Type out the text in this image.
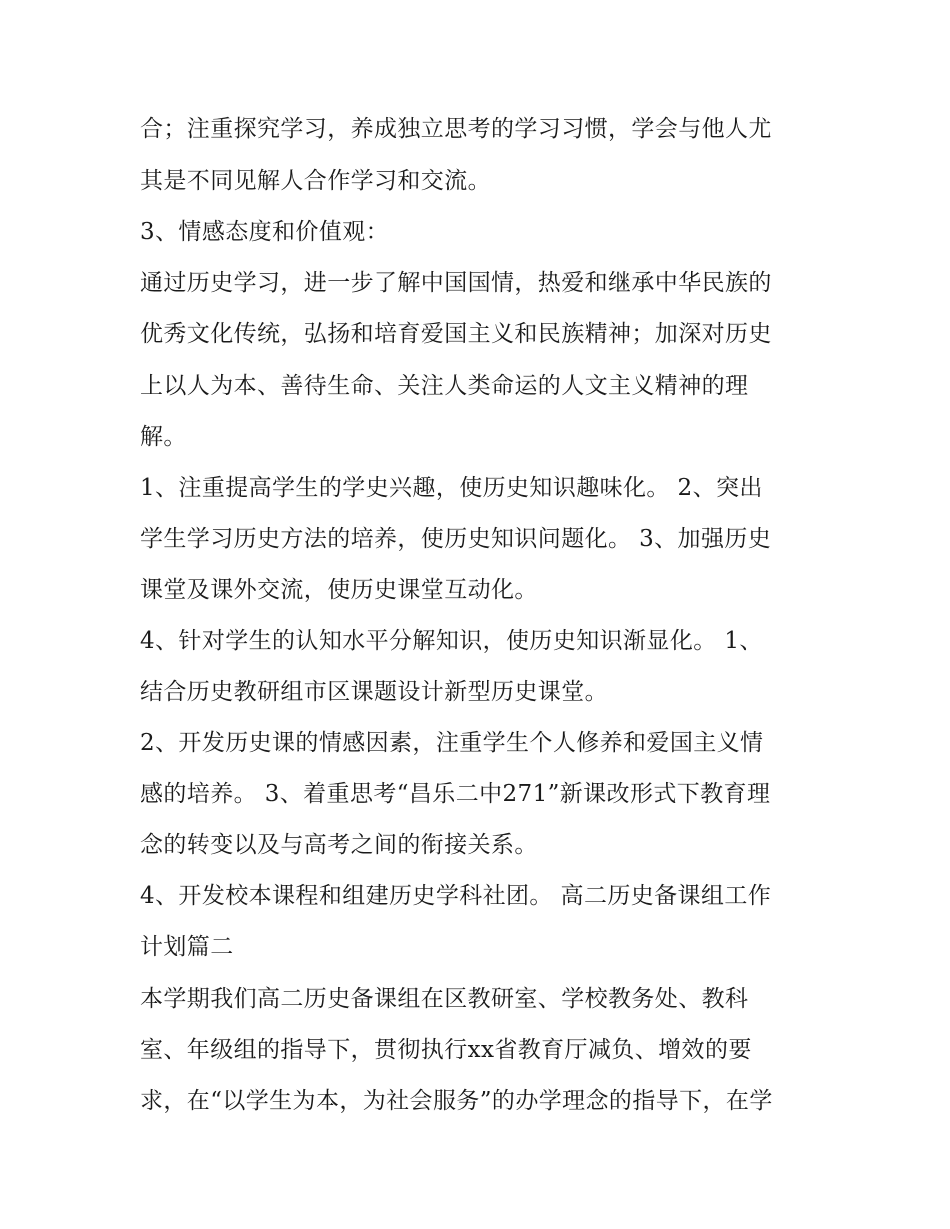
合；注重探究学习，养成独立思考的学习习惯，学会与他人尤
其是不同见解人合作学习和交流。
3、情感态度和价值观：
通过历史学习，进一步了解中国国情，热爱和继承中华民族的
优秀文化传统，弘扬和培育爱国主义和民族精神；加深对历史
上以人为本、善待生命、关注人类命运的人文主义精神的理
解。
1、注重提高学生的学史兴趣，使历史知识趣味化。 2、突出
学生学习历史方法的培养，使历史知识问题化。 3、加强历史
课堂及课外交流，使历史课堂互动化。
4、针对学生的认知水平分解知识，使历史知识渐显化。 1、
结合历史教研组市区课题设计新型历史课堂。
2、开发历史课的情感因素，注重学生个人修养和爱国主义情
感的培养。 3、着重思考“昌乐二中271”新课改形式下教育理
念的转变以及与高考之间的衔接关系。
4、开发校本课程和组建历史学科社团。 高二历史备课组工作
计划篇二
本学期我们高二历史备课组在区教研室、学校教务处、教科
室、年级组的指导下，贯彻执行xx省教育厅减负、增效的要
求，在“以学生为本，为社会服务”的办学理念的指导下，在学
